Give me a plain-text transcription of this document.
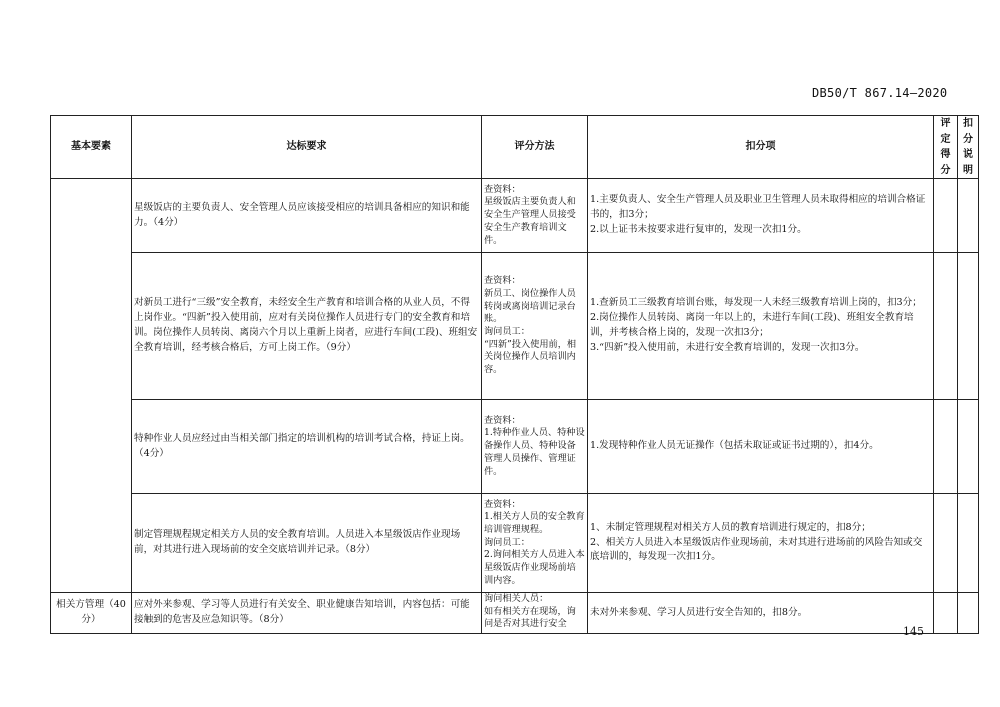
DB50/T 867.14—2020
基本要素	达标要求	评分方法	扣分项	评定得分	扣分说明
	星级饭店的主要负责人、安全管理人员应该接受相应的培训具备相应的知识和能力。（4分）	查资料：
星级饭店主要负责人和安全生产管理人员接受安全生产教育培训文件。	1.主要负责人、安全生产管理人员及职业卫生管理人员未取得相应的培训合格证书的，扣3分；
2.以上证书未按要求进行复审的，发现一次扣1分。		

	对新员工进行“三级”安全教育，未经安全生产教育和培训合格的从业人员，不得上岗作业。“四新”投入使用前，应对有关岗位操作人员进行专门的安全教育和培训。岗位操作人员转岗、离岗六个月以上重新上岗者，应进行车间(工段)、班组安全教育培训，经考核合格后，方可上岗工作。（9分）	查资料：
新员工、岗位操作人员转岗或离岗培训记录台账。
询问员工：
“四新”投入使用前，相关岗位操作人员培训内容。	1.查新员工三级教育培训台账，每发现一人未经三级教育培训上岗的，扣3分；
2.岗位操作人员转岗、离岗一年以上的，未进行车间(工段)、班组安全教育培训，并考核合格上岗的，发现一次扣3分；
3.“四新”投入使用前，未进行安全教育培训的，发现一次扣3分。		

	特种作业人员应经过由当相关部门指定的培训机构的培训考试合格，持证上岗。（4分）	查资料：
1.特种作业人员、特种设备操作人员、特种设备管理人员操作、管理证件。	1.发现特种作业人员无证操作（包括未取证或证书过期的），扣4分。		

	制定管理规程规定相关方人员的安全教育培训。人员进入本星级饭店作业现场前，对其进行进入现场前的安全交底培训并记录。（8分）	查资料：
1.相关方人员的安全教育培训管理规程。
询问员工：
2.询问相关方人员进入本星级饭店作业现场前培训内容。	1、未制定管理规程对相关方人员的教育培训进行规定的，扣8分；
2、相关方人员进入本星级饭店作业现场前，未对其进行进场前的风险告知或交底培训的，每发现一次扣1分。		

相关方管理（40分）	应对外来参观、学习等人员进行有关安全、职业健康告知培训，内容包括：可能接触到的危害及应急知识等。（8分）	询问相关人员：
如有相关方在现场，询问是否对其进行安全	未对外来参观、学习人员进行安全告知的，扣8分。		

145
